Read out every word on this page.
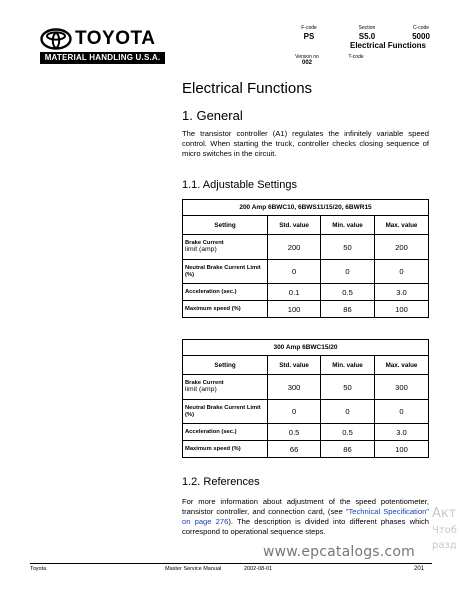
TOYOTA
MATERIAL HANDLING U.S.A.
F-code
PS
Section
S5.0
C-code
5000
Electrical Functions
Version no
002
T-code
Electrical Functions
1. General
The transistor controller (A1) regulates the infinitely variable speed control. When starting the truck, controller checks closing sequence of micro switches in the circuit.
1.1. Adjustable Settings
200 Amp 6BWC10, 6BWS11/15/20, 6BWR15			
Setting	Std. value	Min. value	Max. value

Brake Current
limit (amp)	200	50	200
Neutral Brake Current Limit (%)	0	0	0
Acceleration (sec.)	0.1	0.5	3.0
Maximum speed (%)	100	86	100
300 Amp 6BWC15/20			
Setting	Std. value	Min. value	Max. value

Brake Current
limit (amp)	300	50	300
Neutral Brake Current Limit (%)	0	0	0
Acceleration (sec.)	0.5	0.5	3.0
Maximum speed (%)	66	86	100
1.2. References
For more information about adjustment of the speed potentiometer, transistor controller, and connection card, (see "Technical Specification" on page 276). The description is divided into different phases which correspond to operational sequence steps.
Акт
Чтоб
разд
www.epcatalogs.com
Toyota	Master Service Manual	2002-08-01	201
